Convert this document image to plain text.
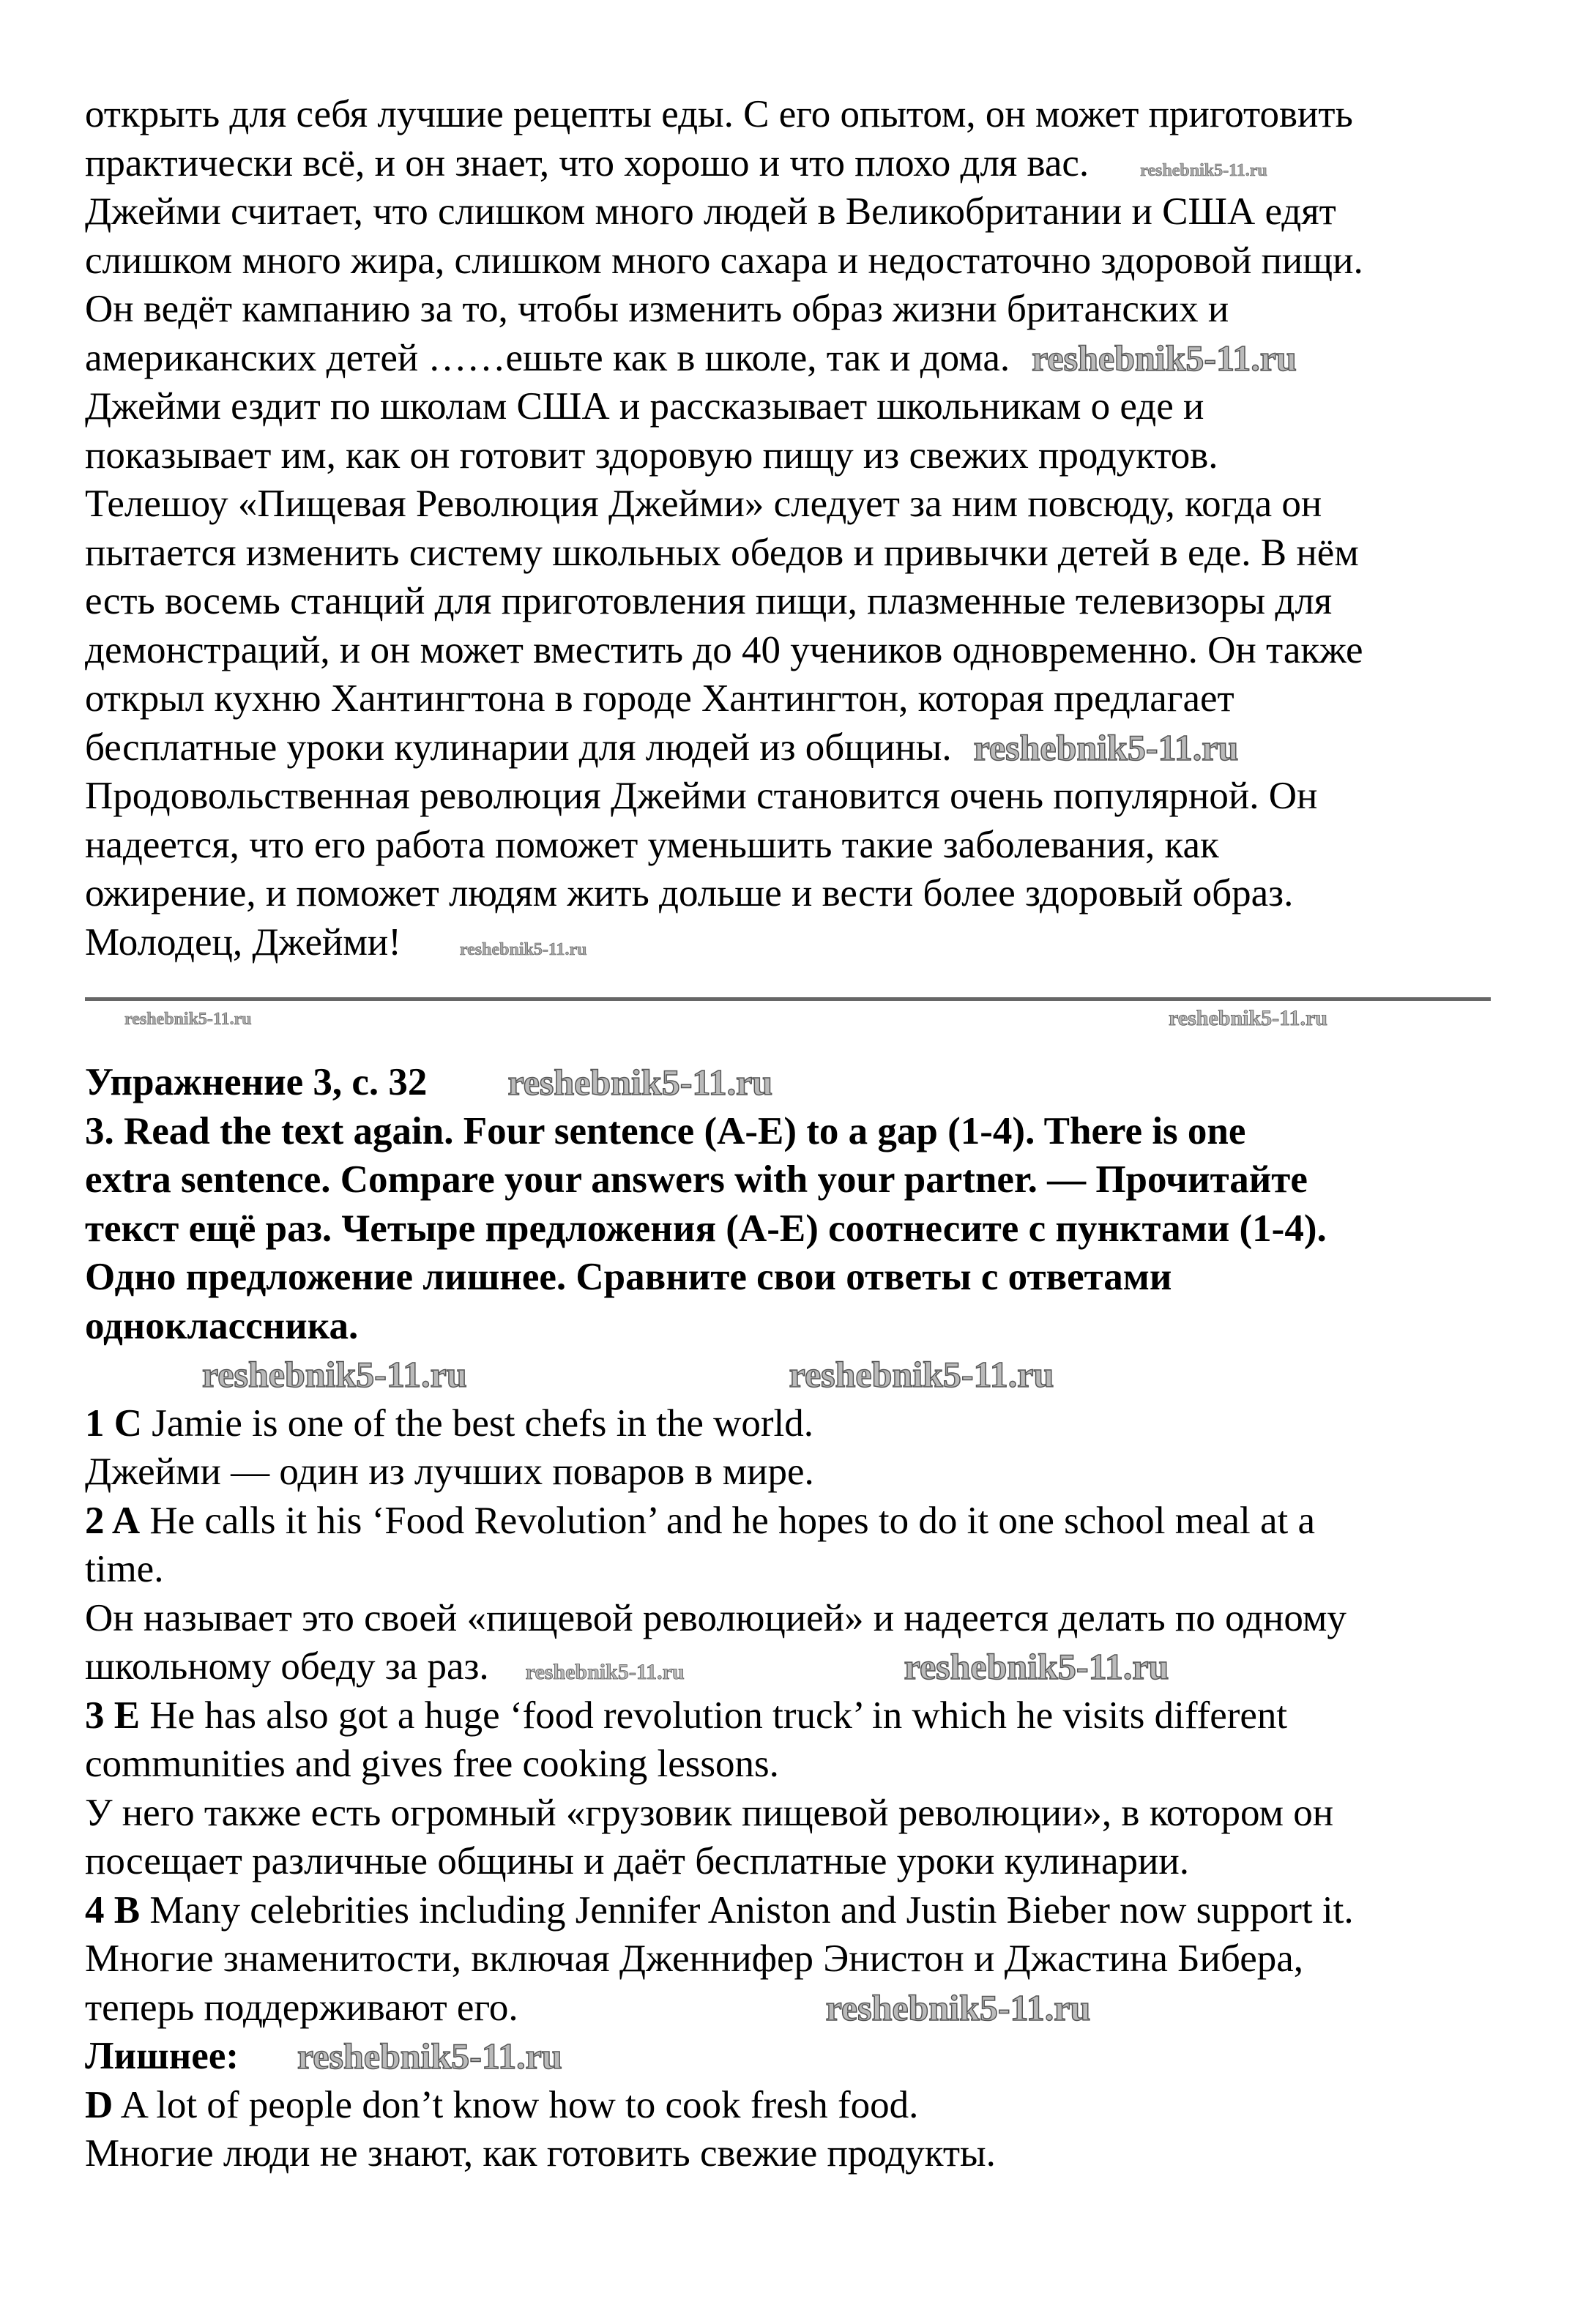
открыть для себя лучшие рецепты еды. С его опытом, он может приготовить
практически всё, и он знает, что хорошо и что плохо для вас.	reshebnik5-11.ru
Джейми считает, что слишком много людей в Великобритании и США едят
слишком много жира, слишком много сахара и недостаточно здоровой пищи.
Он ведёт кампанию за то, чтобы изменить образ жизни британских и
американских детей ……ешьте как в школе, так и дома. reshebnik5-11.ru
Джейми ездит по школам США и рассказывает школьникам о еде и
показывает им, как он готовит здоровую пищу из свежих продуктов.
Телешоу «Пищевая Революция Джейми» следует за ним повсюду, когда он
пытается изменить систему школьных обедов и привычки детей в еде. В нём
есть восемь станций для приготовления пищи, плазменные телевизоры для
демонстраций, и он может вместить до 40 учеников одновременно. Он также
открыл кухню Хантингтона в городе Хантингтон, которая предлагает
бесплатные уроки кулинарии для людей из общины. reshebnik5-11.ru
Продовольственная революция Джейми становится очень популярной. Он
надеется, что его работа поможет уменьшить такие заболевания, как
ожирение, и поможет людям жить дольше и вести более здоровый образ.
Молодец, Джейми!	reshebnik5-11.ru
reshebnik5-11.ru
reshebnik5-11.ru
Упражнение 3, с. 32 reshebnik5-11.ru
3. Read the text again. Four sentence (A-E) to a gap (1-4). There is one
extra sentence. Compare your answers with your partner. — Прочитайте
текст ещё раз. Четыре предложения (A-E) соотнесите с пунктами (1-4).
Одно предложение лишнее. Сравните свои ответы с ответами
одноклассника.
reshebnik5-11.ru	reshebnik5-11.ru
1 C Jamie is one of the best chefs in the world.
Джейми — один из лучших поваров в мире.
2 A He calls it his ‘Food Revolution’ and he hopes to do it one school meal at a
time.
Он называет это своей «пищевой революцией» и надеется делать по одному
школьному обеду за раз. reshebnik5-11.ru	reshebnik5-11.ru
3 E He has also got a huge ‘food revolution truck’ in which he visits different
communities and gives free cooking lessons.
У него также есть огромный «грузовик пищевой революции», в котором он
посещает различные общины и даёт бесплатные уроки кулинарии.
4 B Many celebrities including Jennifer Aniston and Justin Bieber now support it.
Многие знаменитости, включая Дженнифер Энистон и Джастина Бибера,
теперь поддерживают его.	reshebnik5-11.ru
Лишнее: reshebnik5-11.ru
D A lot of people don’t know how to cook fresh food.
Многие люди не знают, как готовить свежие продукты.
